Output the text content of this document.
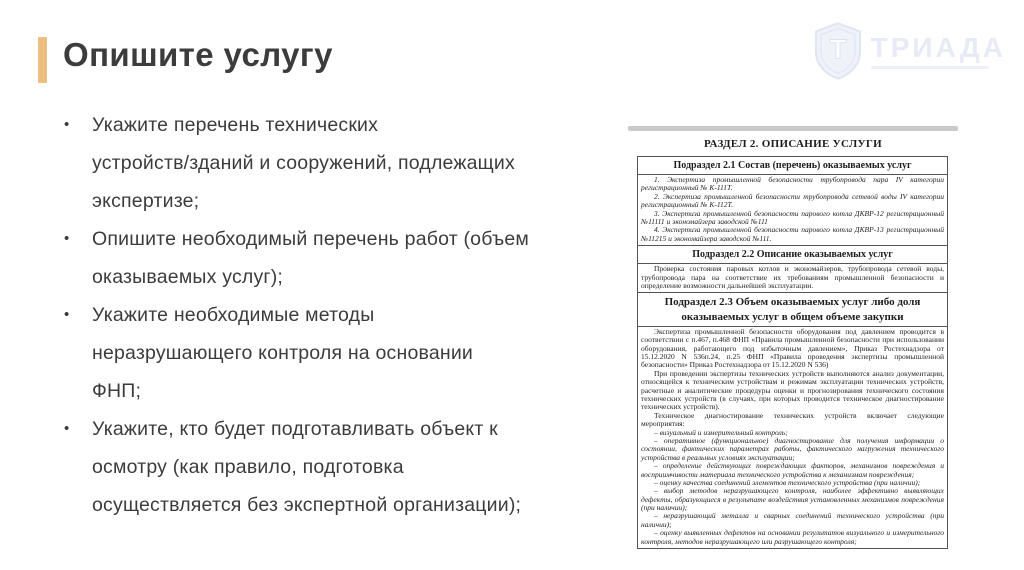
Опишите услугу	Т ТРИАДА
• Укажите перечень технических
устройств/зданий и сооружений, подлежащих
экспертизе;
• Опишите необходимый перечень работ (объем
оказываемых услуг);
• Укажите необходимые методы
неразрушающего контроля на основании
ФНП;
• Укажите, кто будет подготавливать объект к
осмотру (как правило, подготовка
осуществляется без экспертной организации);
РАЗДЕЛ 2. ОПИСАНИЕ УСЛУГИ
Подраздел 2.1 Состав (перечень) оказываемых услуг

1. Экспертиза промышленной безопасности трубопровода пара IV категории регистрационный № К-111Т.

2. Экспертиза промышленной безопасности трубопровода сетевой воды IV категории регистрационный № К-112Т.

3. Экспертиза промышленной безопасности парового котла ДКВР-12 регистрационный №11111 и экономайзера заводской №111

4. Экспертиза промышленной безопасности парового котла ДКВР-13 регистрационный №11215 и экономайзера заводской №111.

Подраздел 2.2 Описание оказываемых услуг

Проверка состояния паровых котлов и экономайзеров, трубопровода сетевой воды, трубопровода пара на соответствие их требованиям промышленной безопасности и определение возможности дальнейшей эксплуатации.

Подраздел 2.3 Объем оказываемых услуг либо доля оказываемых услуг в общем объеме закупки

Экспертиза промышленной безопасности оборудования под давлением проводится в соответствии с п.467, п.468 ФНП «Правила промышленной безопасности при использовании оборудования, работающего под избыточным давлением», Приказ Ростехнадзора от 15.12.2020 N 536п.24, п.25 ФНП «Правила проведения экспертизы промышленной безопасности» Приказ Ростехнадзора от 15.12.2020 N 536)

При проведении экспертизы технических устройств выполняются анализ документации, относящейся к техническим устройствам и режимам эксплуатации технических устройств, расчетные и аналитические процедуры оценки и прогнозирования технического состояния технических устройств (в случаях, при которых проводится техническое диагностирование технических устройств).

Техническое диагностирование технических устройств включает следующие мероприятия:

– визуальный и измерительный контроль;

– оперативное (функциональное) диагностирование для получения информации о состоянии, фактических параметрах работы, фактического нагружения технического устройства в реальных условиях эксплуатации;

– определение действующих повреждающих факторов, механизмов повреждения и восприимчивости материала технического устройства к механизмам повреждения;

– оценку качества соединений элементов технического устройства (при наличии);

– выбор методов неразрушающего контроля, наиболее эффективно выявляющих дефекты, образующиеся в результате воздействия установленных механизмов повреждения (при наличии);

– неразрушающий металла и сварных соединений технического устройства (при наличии);

– оценку выявленных дефектов на основании результатов визуального и измерительного контроля, методов неразрушающего или разрушающего контроля;
